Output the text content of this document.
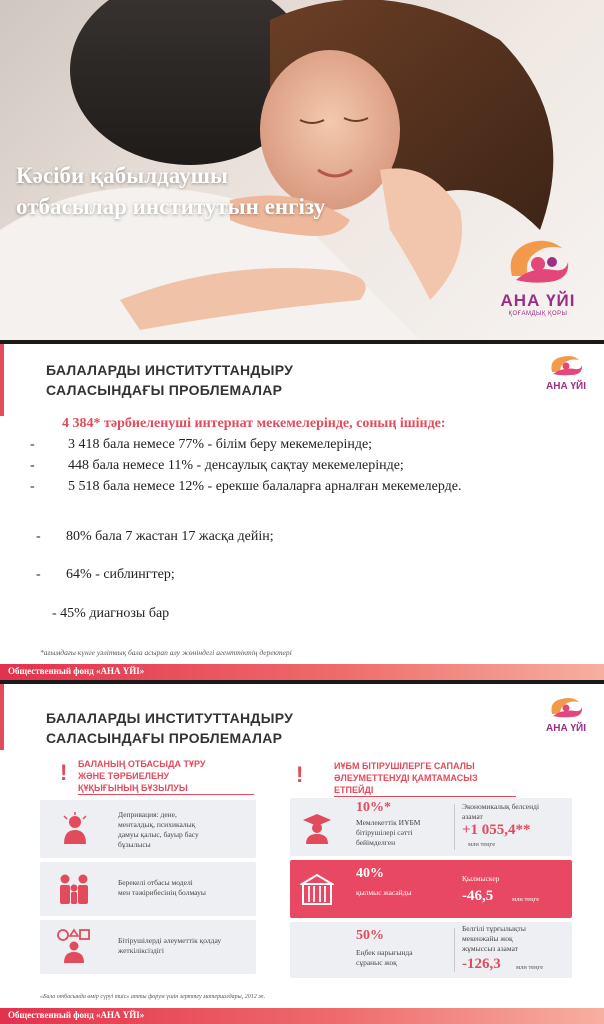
Кәсіби қабылдаушы
отбасылар институтын енгізу
АНА ҮЙІ
ҚОҒАМДЫҚ ҚОРЫ
БАЛАЛАРДЫ ИНСТИТУТТАНДЫРУ
САЛАСЫНДАҒЫ ПРОБЛЕМАЛАР	АНА ҮЙІ
4 384* тәрбиеленуші интернат мекемелерінде, соның ішінде:
- 3 418 бала немесе 77% - білім беру мекемелерінде;
- 448 бала немесе 11% - денсаулық сақтау мекемелерінде;
- 5 518 бала немесе 12% - ерекше балаларға арналған мекемелерде.
- 80% бала 7 жастан 17 жасқа дейін;
- 64% - сиблингтер;
- 45% диагнозы бар
*ағымдағы күнге уәлітвық бала асырап алу жөніндегі агенттіктің деректері
Общественный фонд «АНА ҮЙІ»
БАЛАЛАРДЫ ИНСТИТУТТАНДЫРУ
САЛАСЫНДАҒЫ ПРОБЛЕМАЛАР
АНА ҮЙІ
! БАЛАНЫҢ ОТБАСЫДА ТҰРУ
ЖӘНЕ ТӘРБИЕЛЕНУ
ҚҰҚЫҒЫНЫҢ БҰЗЫЛУЫ
!	ИҰБМ БІТІРУШІЛЕРГЕ САПАЛЫ
ӘЛЕУМЕТТЕНУДІ ҚАМТАМАСЫЗ
ЕТПЕЙДІ
Депривация: дене,
менталдық, психикалық
дамуы қалыс, бауыр басу
бұзылысы
Берекелі отбасы моделі
мен тәжірибесінің болмауы
Бітірушілерді әлеуметтік қолдау
жеткіліксіздігі
10%*
Мемлекеттік ИҰБМ
бітірушілері сәтті
бейімделген
Экономикалық белсенді
азамат
+1 055,4**
млн теңге
40%
қылмыс жасайды
Қылмыскер
-46,5	млн теңге
50%
Еңбек нарығында
сұраныс жоқ
Белгілі тұрғылықты
мекенжайы жоқ
жұмыссыз азамат
-126,3 млн теңге
«Бала отбасында өмір сүруі тиіс» атты форум үшін зерттеу материалдары, 2012 ж.
Общественный фонд «АНА ҮЙІ»
